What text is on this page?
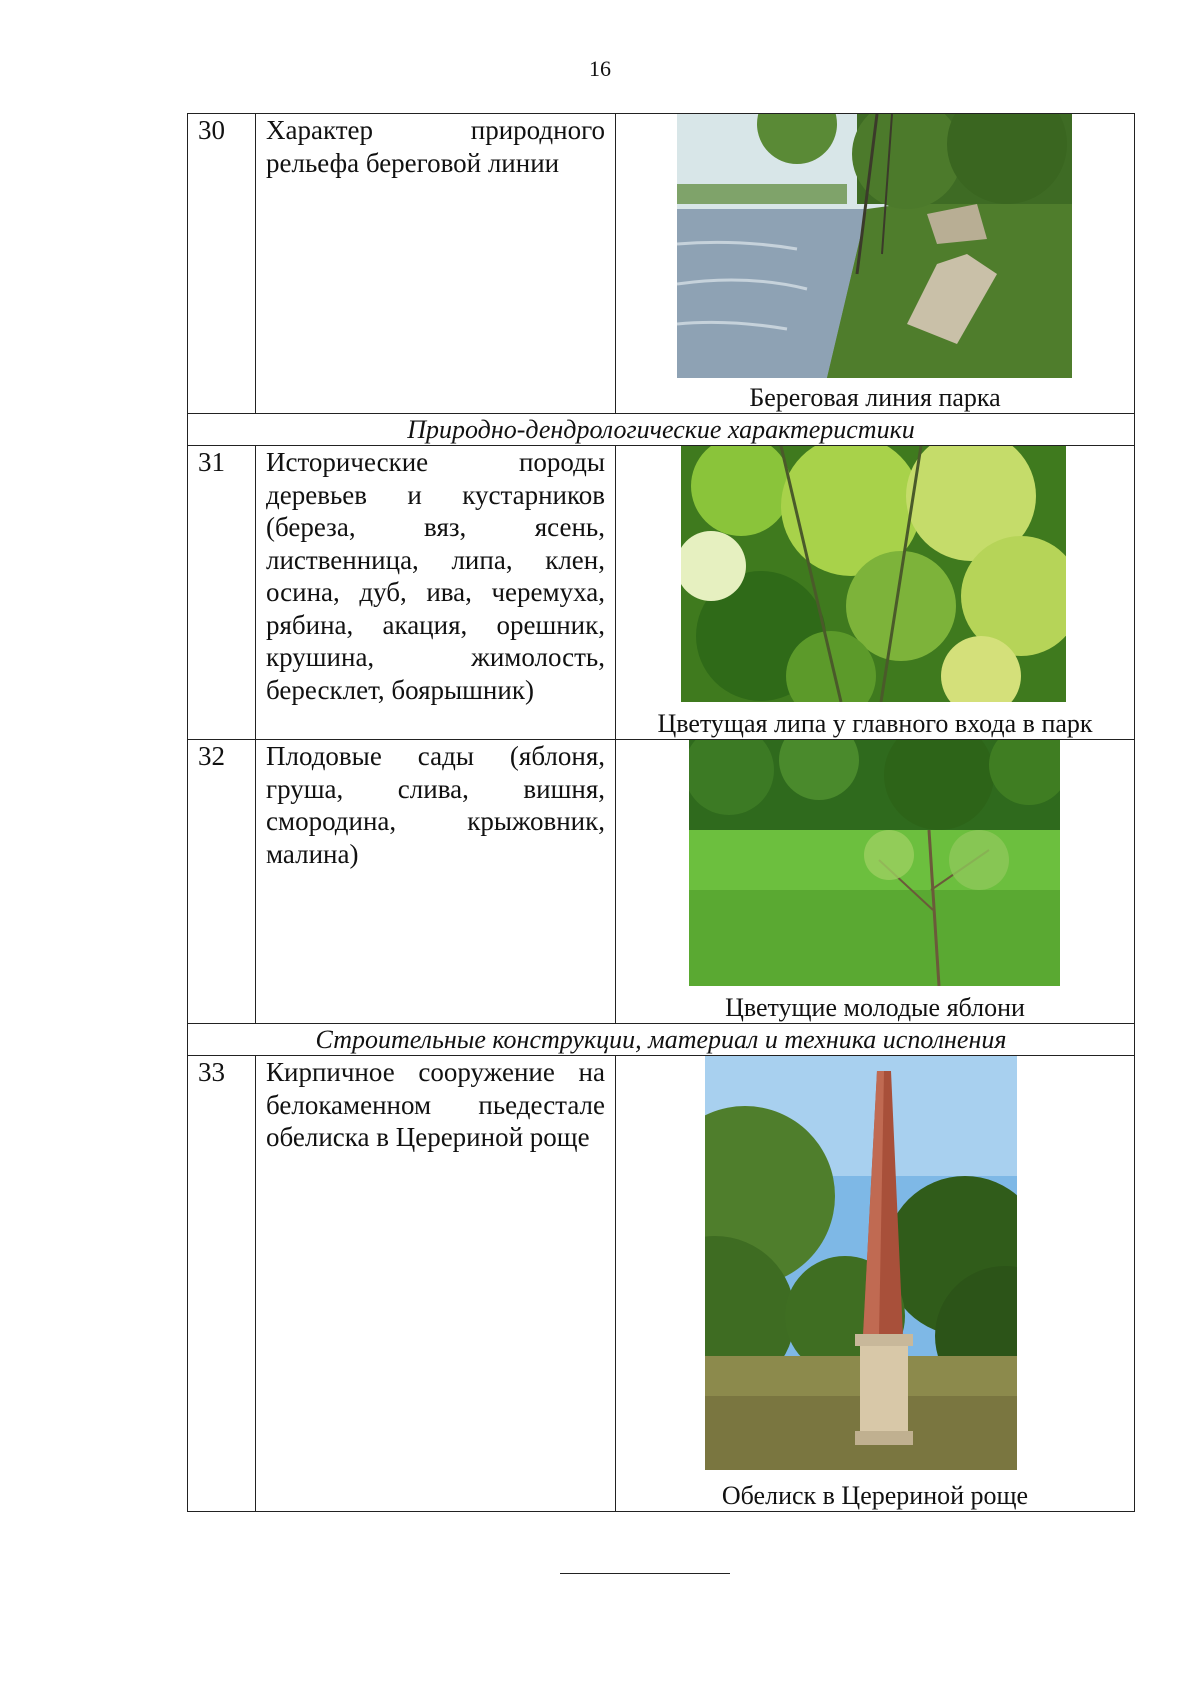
16
30	Характер природного рельефа береговой линии	Береговая линия парка

Природно-дендрологические характеристики		
31	Исторические породы деревьев и кустарников (береза, вяз, ясень, лиственница, липа, клен, осина, дуб, ива, черемуха, рябина, акация, орешник, крушина, жимолость, бересклет, боярышник)	Цветущая липа у главного входа в парк

32	Плодовые сады (яблоня, груша, слива, вишня, смородина, крыжовник, малина)	Цветущие молодые яблони

Строительные конструкции, материал и техника исполнения		
33	Кирпичное сооружение на белокаменном пьедестале обелиска в Церериной роще	Обелиск в Церериной роще
